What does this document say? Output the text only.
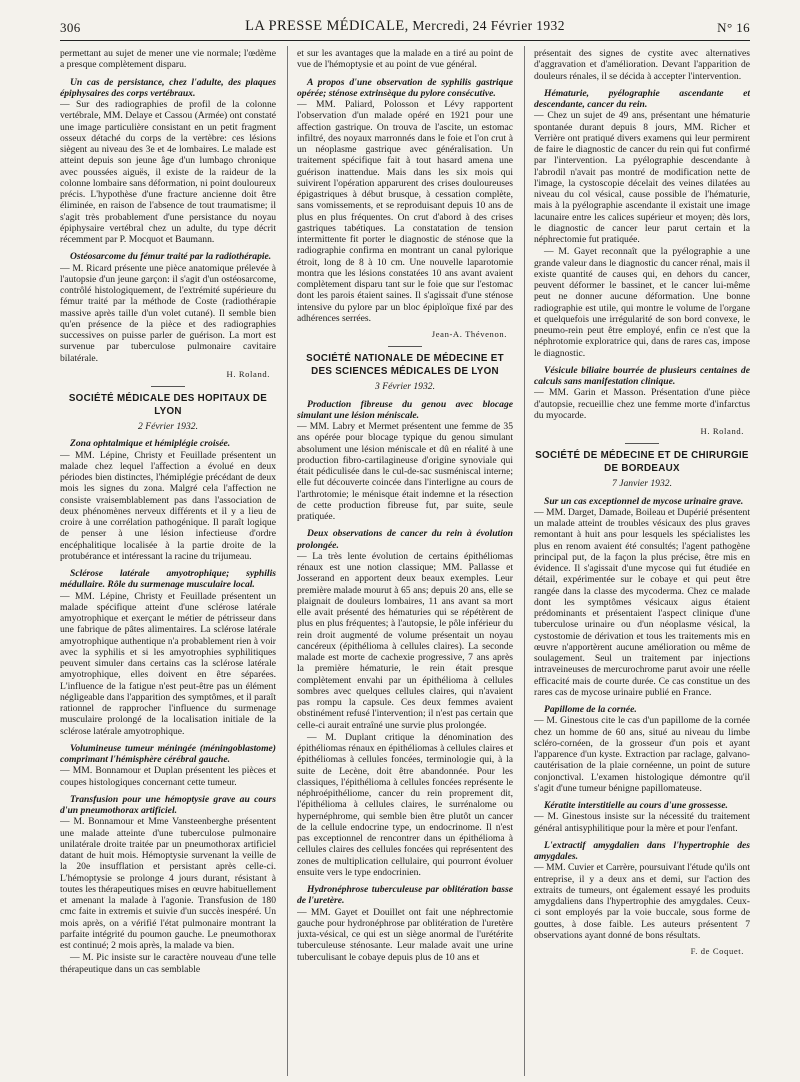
306	LA PRESSE MÉDICALE, Mercredi, 24 Février 1932	N° 16

permettant au sujet de mener une vie normale; l'œdème a presque complètement disparu.

Un cas de persistance, chez l'adulte, des plaques épiphysaires des corps vertébraux.

— Sur des radiographies de profil de la colonne vertébrale, MM. Delaye et Cassou (Armée) ont constaté une image particulière consistant en un petit fragment osseux détaché du corps de la vertèbre: ces lésions siègent au niveau des 3e et 4e lombaires. Le malade est atteint depuis son jeune âge d'un lumbago chronique avec poussées aiguës, il existe de la raideur de la colonne lombaire sans déformation, ni point douloureux précis. L'hypothèse d'une fracture ancienne doit être éliminée, en raison de l'absence de tout traumatisme; il s'agit très probablement d'une persistance du noyau épiphysaire vertébral chez un adulte, du type décrit récemment par P. Mocquot et Baumann.

Ostéosarcome du fémur traité par la radiothérapie.

— M. Ricard présente une pièce anatomique prélevée à l'autopsie d'un jeune garçon: il s'agit d'un ostéosarcome, contrôlé histologiquement, de l'extrémité supérieure du fémur traité par la méthode de Coste (radiothérapie massive après taille d'un volet cutané). Il semble bien qu'en présence de la pièce et des radiographies successives on puisse parler de guérison. La mort est survenue par tuberculose pulmonaire cavitaire bilatérale.

H. Roland.

SOCIÉTÉ MÉDICALE DES HOPITAUX DE LYON

2 Février 1932.

Zona ophtalmique et hémiplégie croisée.

— MM. Lépine, Christy et Feuillade présentent un malade chez lequel l'affection a évolué en deux périodes bien distinctes, l'hémiplégie précédant de deux mois les signes du zona. Malgré cela l'affection ne consiste vraisemblablement pas dans l'association de deux phénomènes nerveux différents et il y a lieu de croire à une corrélation pathogénique. Il paraît logique de penser à une lésion infectieuse d'ordre encéphalitique localisée à la partie droite de la protubérance et intéressant la racine du trijumeau.

Sclérose latérale amyotrophique; syphilis médullaire. Rôle du surmenage musculaire local.

— MM. Lépine, Christy et Feuillade présentent un malade spécifique atteint d'une sclérose latérale amyotrophique et exerçant le métier de pétrisseur dans une fabrique de pâtes alimentaires. La sclérose latérale amyotrophique authentique n'a probablement rien à voir avec la syphilis et si les amyotrophies syphilitiques peuvent simuler dans certains cas la sclérose latérale amyotrophique, elles doivent en être séparées. L'influence de la fatigue n'est peut-être pas un élément négligeable dans l'apparition des symptômes, et il paraît rationnel de rapprocher l'influence du surmenage musculaire prolongé de la localisation initiale de la sclérose latérale amyotrophique.

Volumineuse tumeur méningée (méningoblastome) comprimant l'hémisphère cérébral gauche.

— MM. Bonnamour et Duplan présentent les pièces et coupes histologiques concernant cette tumeur.

Transfusion pour une hémoptysie grave au cours d'un pneumothorax artificiel.

— M. Bonnamour et Mme Vansteenberghe présentent une malade atteinte d'une tuberculose pulmonaire unilatérale droite traitée par un pneumothorax artificiel datant de huit mois. Hémoptysie survenant la veille de la 20e insufflation et persistant après celle-ci. L'hémoptysie se prolonge 4 jours durant, résistant à toutes les thérapeutiques mises en œuvre habituellement et amenant la malade à l'agonie. Transfusion de 180 cmc faite in extremis et suivie d'un succès inespéré. Un mois après, on a vérifié l'état pulmonaire montrant la parfaite intégrité du poumon gauche. Le pneumothorax est continué; 2 mois après, la malade va bien.

— M. Pic insiste sur le caractère nouveau d'une telle thérapeutique dans un cas semblable

et sur les avantages que la malade en a tiré au point de vue de l'hémoptysie et au point de vue général.

A propos d'une observation de syphilis gastrique opérée; sténose extrinsèque du pylore consécutive.

— MM. Paliard, Polosson et Lévy rapportent l'observation d'un malade opéré en 1921 pour une affection gastrique. On trouva de l'ascite, un estomac infiltré, des noyaux marronnés dans le foie et l'on crut à un néoplasme gastrique avec généralisation. Un traitement spécifique fait à tout hasard amena une guérison inattendue. Mais dans les six mois qui suivirent l'opération apparurent des crises douloureuses épigastriques à début brusque, à cessation complète, sans vomissements, et se reproduisant depuis 10 ans de plus en plus fréquentes. On crut d'abord à des crises gastriques tabétiques. La constatation de tension intermittente fit porter le diagnostic de sténose que la radiographie confirma en montrant un canal pylorique étroit, long de 8 à 10 cm. Une nouvelle laparotomie montra que les lésions constatées 10 ans avant avaient complètement disparu tant sur le foie que sur l'estomac dont les parois étaient saines. Il s'agissait d'une sténose intensive du pylore par un bloc épiploïque fixé par des adhérences serrées.

Jean-A. Thévenon.

SOCIÉTÉ NATIONALE DE MÉDECINE ET DES SCIENCES MÉDICALES DE LYON

3 Février 1932.

Production fibreuse du genou avec blocage simulant une lésion méniscale.

— MM. Labry et Mermet présentent une femme de 35 ans opérée pour blocage typique du genou simulant absolument une lésion méniscale et dû en réalité à une production fibro-cartilagineuse d'origine synoviale qui était pédiculisée dans le cul-de-sac susméniscal interne; elle fut découverte coincée dans l'interligne au cours de l'arthrotomie; le ménisque était indemne et la résection de cette production fibreuse fut, par suite, seule pratiquée.

Deux observations de cancer du rein à évolution prolongée.

— La très lente évolution de certains épithéliomas rénaux est une notion classique; MM. Pallasse et Josserand en apportent deux beaux exemples. Leur première malade mourut à 65 ans; depuis 20 ans, elle se plaignait de douleurs lombaires, 11 ans avant sa mort elle avait présenté des hématuries qui se répétèrent de plus en plus fréquentes; à l'autopsie, le pôle inférieur du rein droit augmenté de volume présentait un noyau cancéreux (épithélioma à cellules claires). La seconde malade est morte de cachexie progressive, 7 ans après la première hématurie, le rein était presque complètement envahi par un épithélioma à cellules sombres avec quelques cellules claires, qui n'avaient pas rompu la capsule. Ces deux femmes avaient obstinément refusé l'intervention; il n'est pas certain que celle-ci aurait entraîné une survie plus prolongée.

— M. Duplant critique la dénomination des épithéliomas rénaux en épithéliomas à cellules claires et épithéliomas à cellules foncées, terminologie qui, à la suite de Lecène, doit être abandonnée. Pour les classiques, l'épithélioma à cellules foncées représente le néphroépithéliome, cancer du rein proprement dit, l'épithélioma à cellules claires, le surrénalome ou hypernéphrome, qui semble bien être plutôt un cancer de la cellule endocrine type, un endocrinome. Il n'est pas exceptionnel de rencontrer dans un épithélioma à cellules claires des cellules foncées qui représentent des zones de multiplication cellulaire, qui pourront évoluer ensuite vers le type endocrinien.

Hydronéphrose tuberculeuse par oblitération basse de l'uretère.

— MM. Gayet et Douillet ont fait une néphrectomie gauche pour hydronéphrose par oblitération de l'uretère juxta-vésical, ce qui est un siège anormal de l'urétérite tuberculeuse sténosante. Leur malade avait une urine tuberculisant le cobaye depuis plus de 10 ans et

présentait des signes de cystite avec alternatives d'aggravation et d'amélioration. Devant l'apparition de douleurs rénales, il se décida à accepter l'intervention.

Hématurie, pyélographie ascendante et descendante, cancer du rein.

— Chez un sujet de 49 ans, présentant une hématurie spontanée durant depuis 8 jours, MM. Richer et Verrière ont pratiqué divers examens qui leur permirent de faire le diagnostic de cancer du rein qui fut confirmé par l'intervention. La pyélographie descendante à l'abrodil n'avait pas montré de modification nette de l'image, la cystoscopie décelait des veines dilatées au niveau du col vésical, cause possible de l'hématurie, mais à la pyélographie ascendante il existait une image lacunaire entre les calices supérieur et moyen; dès lors, le diagnostic de cancer leur parut certain et la néphrectomie fut pratiquée.

— M. Gayet reconnaît que la pyélographie a une grande valeur dans le diagnostic du cancer rénal, mais il existe quantité de causes qui, en dehors du cancer, peuvent déformer le bassinet, et le cancer lui-même peut ne donner aucune déformation. Une bonne radiographie est utile, qui montre le volume de l'organe et quelquefois une irrégularité de son bord convexe, le pneumo-rein peut être employé, enfin ce n'est que la néphrotomie exploratrice qui, dans de rares cas, impose le diagnostic.

Vésicule biliaire bourrée de plusieurs centaines de calculs sans manifestation clinique.

— MM. Garin et Masson. Présentation d'une pièce d'autopsie, recueillie chez une femme morte d'infarctus du myocarde.

H. Roland.

SOCIÉTÉ DE MÉDECINE ET DE CHIRURGIE DE BORDEAUX

7 Janvier 1932.

Sur un cas exceptionnel de mycose urinaire grave.

— MM. Darget, Damade, Boileau et Dupérié présentent un malade atteint de troubles vésicaux des plus graves remontant à huit ans pour lesquels les spécialistes les plus en renom avaient été consultés; l'agent pathogène principal put, de la façon la plus précise, être mis en évidence. Il s'agissait d'une mycose qui fut étudiée en détail, expérimentée sur le cobaye et qui peut être rangée dans la classe des mycoderma. Chez ce malade dont les symptômes vésicaux aigus étaient prédominants et présentaient l'aspect clinique d'une tuberculose urinaire ou d'un néoplasme vésical, la cystostomie de dérivation et tous les traitements mis en œuvre n'apportèrent aucune amélioration ou même de soulagement. Seul un traitement par injections intraveineuses de mercurochrome parut avoir une réelle efficacité mais de courte durée. Ce cas constitue un des rares cas de mycose urinaire publié en France.

Papillome de la cornée.

— M. Ginestous cite le cas d'un papillome de la cornée chez un homme de 60 ans, situé au niveau du limbe scléro-cornéen, de la grosseur d'un pois et ayant l'apparence d'un kyste. Extraction par raclage, galvano-cautérisation de la plaie cornéenne, un point de suture conjonctival. L'examen histologique démontre qu'il s'agit d'une tumeur bénigne papillomateuse.

Kératite interstitielle au cours d'une grossesse.

— M. Ginestous insiste sur la nécessité du traitement général antisyphilitique pour la mère et pour l'enfant.

L'extractif amygdalien dans l'hypertrophie des amygdales.

— MM. Cuvier et Carrère, poursuivant l'étude qu'ils ont entreprise, il y a deux ans et demi, sur l'action des extraits de tumeurs, ont également essayé les produits amygdaliens dans l'hypertrophie des amygdales. Ceux-ci sont employés par la voie buccale, sous forme de gouttes, à dose faible. Les auteurs présentent 7 observations ayant donné de bons résultats.

F. de Coquet.
